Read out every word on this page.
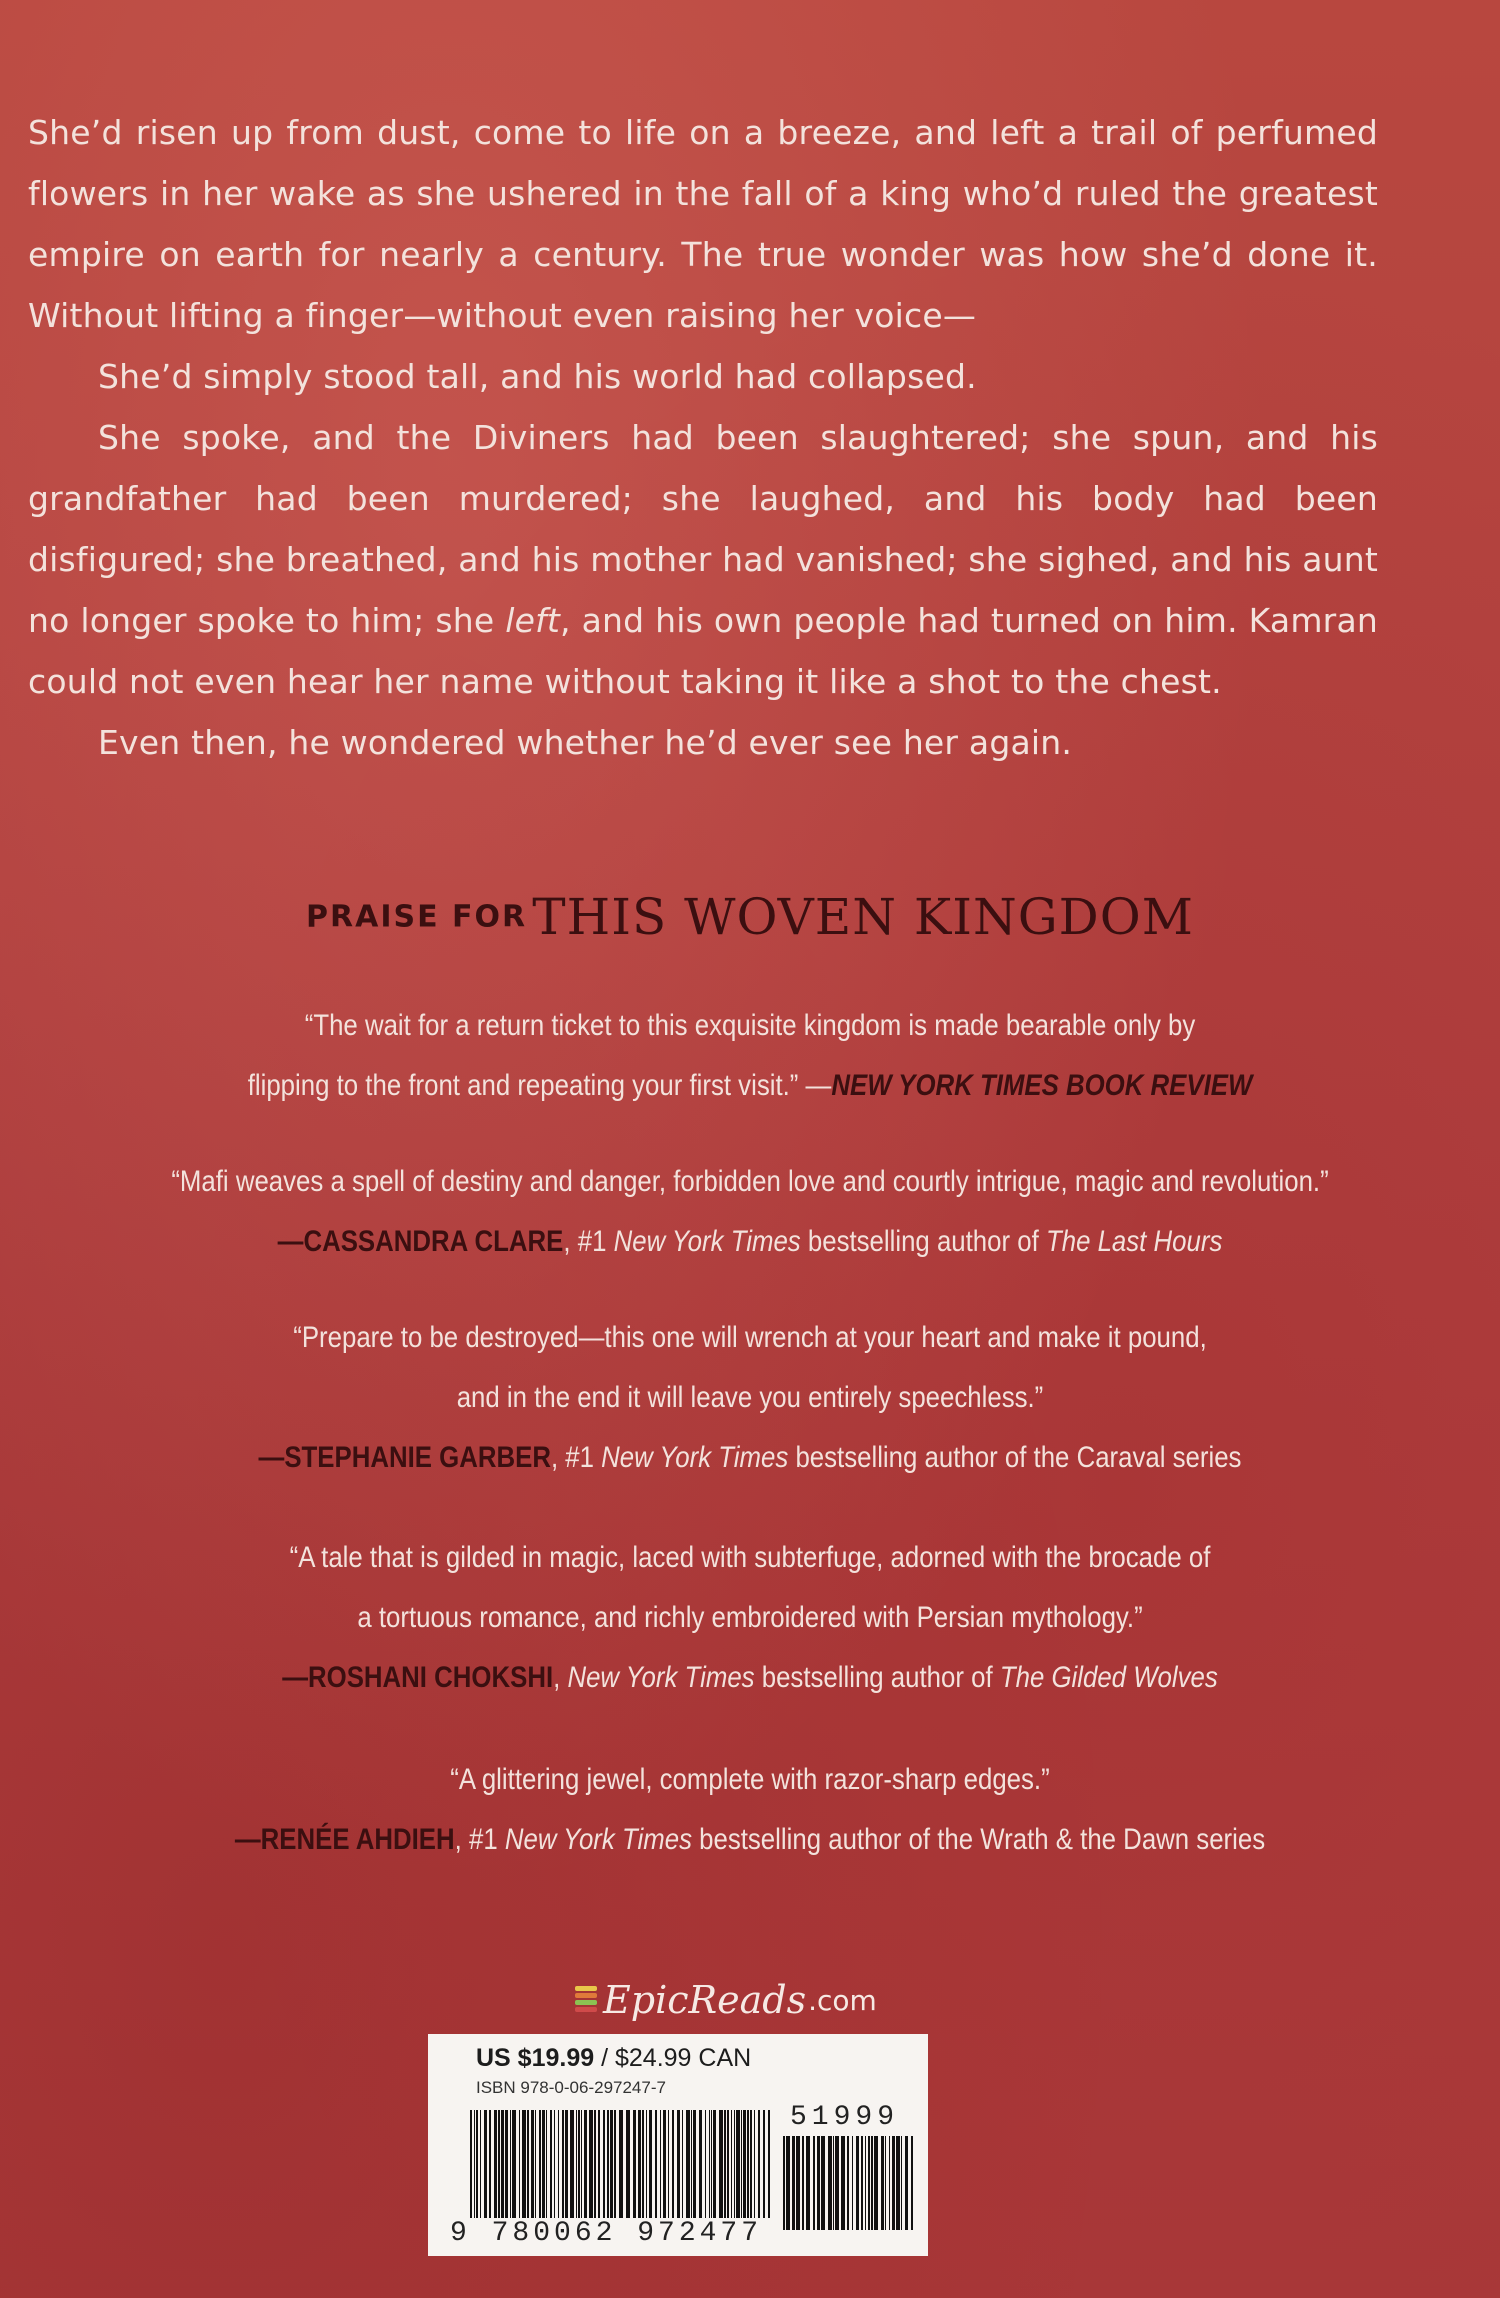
She’d risen up from dust, come to life on a breeze, and left a trail of perfumed flowers in her wake as she ushered in the fall of a king who’d ruled the greatest empire on earth for nearly a century. The true wonder was how she’d done it. Without lifting a finger—without even raising her voice—

She’d simply stood tall, and his world had collapsed.

She spoke, and the Diviners had been slaughtered; she spun, and his grandfather had been murdered; she laughed, and his body had been disfigured; she breathed, and his mother had vanished; she sighed, and his aunt no longer spoke to him; she left, and his own people had turned on him. Kamran could not even hear her name without taking it like a shot to the chest.

Even then, he wondered whether he’d ever see her again.

PRAISE FOR THIS WOVEN KINGDOM
“The wait for a return ticket to this exquisite kingdom is made bearable only by
flipping to the front and repeating your first visit.” —NEW YORK TIMES BOOK REVIEW
“Mafi weaves a spell of destiny and danger, forbidden love and courtly intrigue, magic and revolution.”
—CASSANDRA CLARE, #1 New York Times bestselling author of The Last Hours
“Prepare to be destroyed—this one will wrench at your heart and make it pound,
and in the end it will leave you entirely speechless.”
—STEPHANIE GARBER, #1 New York Times bestselling author of the Caraval series
“A tale that is gilded in magic, laced with subterfuge, adorned with the brocade of
a tortuous romance, and richly embroidered with Persian mythology.”
—ROSHANI CHOKSHI, New York Times bestselling author of The Gilded Wolves
“A glittering jewel, complete with razor-sharp edges.”
—RENÉE AHDIEH, #1 New York Times bestselling author of the Wrath & the Dawn series
EpicReads .com
US $19.99 / $24.99 CAN
ISBN 978-0-06-297247-7
51999
9 780062 972477
